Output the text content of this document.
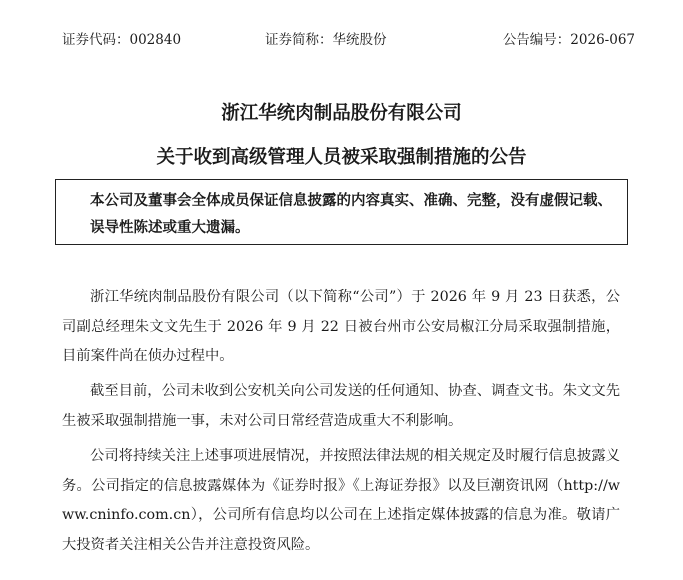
证券代码：002840	证券简称：华统股份	公告编号：2026-067
浙江华统肉制品股份有限公司
关于收到高级管理人员被采取强制措施的公告
本公司及董事会全体成员保证信息披露的内容真实、准确、完整，没有虚假记载、误导性陈述或重大遗漏。

浙江华统肉制品股份有限公司（以下简称“公司”）于 2026 年 9 月 23 日获悉，公司副总经理朱文文先生于 2026 年 9 月 22 日被台州市公安局椒江分局采取强制措施，目前案件尚在侦办过程中。

截至目前，公司未收到公安机关向公司发送的任何通知、协查、调查文书。朱文文先生被采取强制措施一事，未对公司日常经营造成重大不利影响。

公司将持续关注上述事项进展情况，并按照法律法规的相关规定及时履行信息披露义务。公司指定的信息披露媒体为《证券时报》《上海证券报》以及巨潮资讯网（http://www.cninfo.com.cn），公司所有信息均以公司在上述指定媒体披露的信息为准。敬请广大投资者关注相关公告并注意投资风险。
